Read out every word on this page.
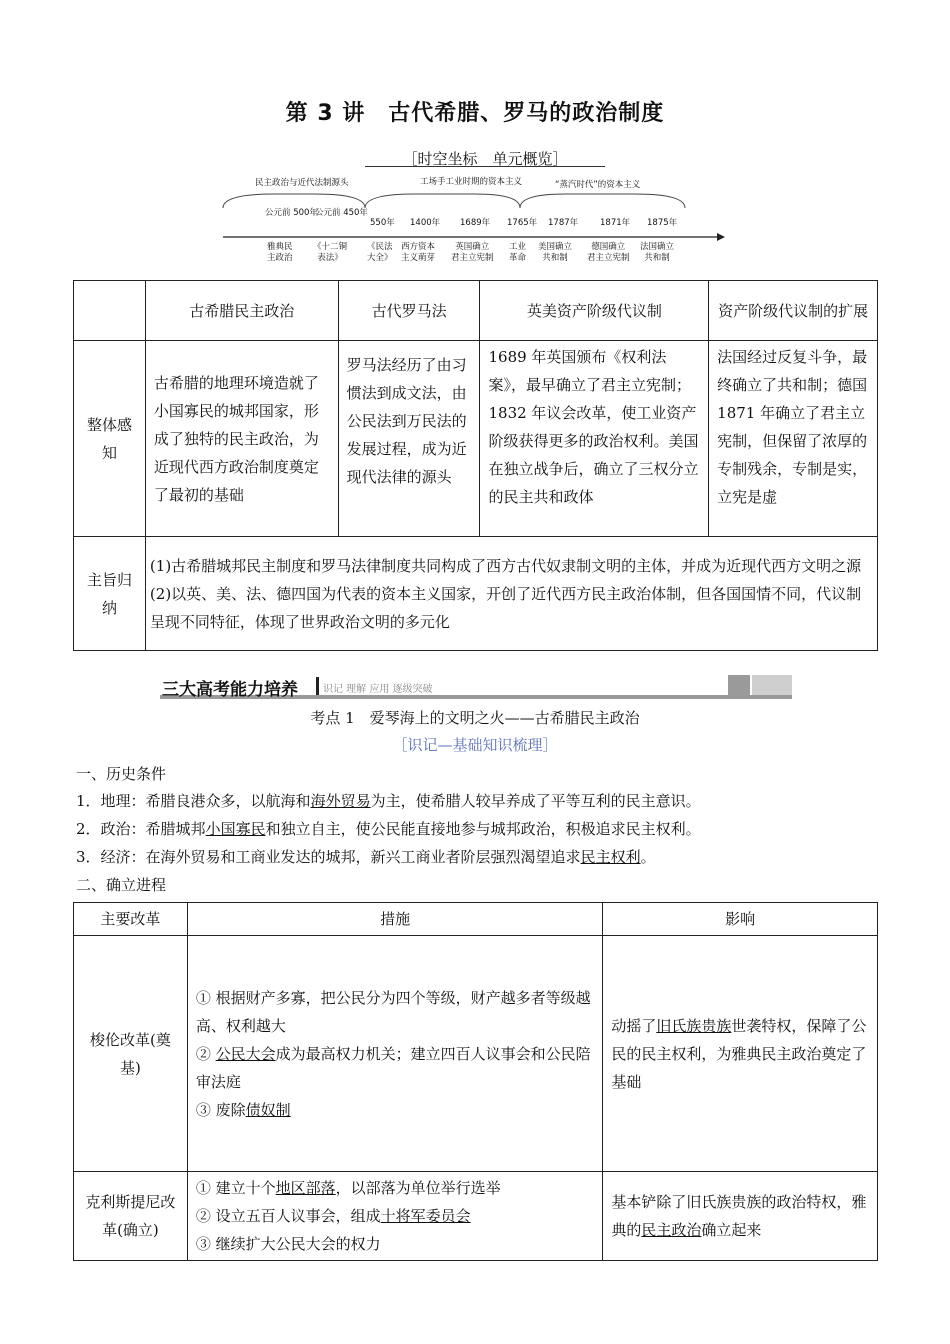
第 3 讲　古代希腊、罗马的政治制度
［时空坐标　单元概览］
民主政治与近代法制源头	工场手工业时期的资本主义	“蒸汽时代”的资本主义
公元前 500年
公元前 450年
550年 1400年 1689年 1765年 1787年	1871年 1875年
雅典民
主政治
《十二铜
表法》
《民法
大全》
西方资本
主义萌芽
英国确立
君主立宪制
工业
革命
美国确立
共和制
德国确立
君主立宪制
法国确立
共和制
	古希腊民主政治	古代罗马法	英美资产阶级代议制	资产阶级代议制的扩展
整体感知	古希腊的地理环境造就了小国寡民的城邦国家，形成了独特的民主政治，为近现代西方政治制度奠定了最初的基础	罗马法经历了由习惯法到成文法，由公民法到万民法的发展过程，成为近现代法律的源头	1689 年英国颁布《权利法案》，最早确立了君主立宪制；1832 年议会改革，使工业资产阶级获得更多的政治权利。美国在独立战争后，确立了三权分立的民主共和政体	法国经过反复斗争，最终确立了共和制；德国 1871 年确立了君主立宪制，但保留了浓厚的专制残余，专制是实，立宪是虚
主旨归纳	(1)古希腊城邦民主制度和罗马法律制度共同构成了西方古代奴隶制文明的主体，并成为近现代西方文明之源
(2)以英、美、法、德四国为代表的资本主义国家，开创了近代西方民主政治体制，但各国国情不同，代议制呈现不同特征，体现了世界政治文明的多元化			
三大高考能力培养	识记 理解 应用 逐级突破
考点 1　爱琴海上的文明之火——古希腊民主政治
［识记—基础知识梳理］
一、历史条件
1．地理：希腊良港众多，以航海和海外贸易为主，使希腊人较早养成了平等互利的民主意识。
2．政治：希腊城邦小国寡民和独立自主，使公民能直接地参与城邦政治，积极追求民主权利。
3．经济：在海外贸易和工商业发达的城邦，新兴工商业者阶层强烈渴望追求民主权利。
二、确立进程
主要改革	措施	影响
梭伦改革(奠基)	① 根据财产多寡，把公民分为四个等级，财产越多者等级越高、权利越大
② 公民大会成为最高权力机关；建立四百人议事会和公民陪审法庭
③ 废除债奴制	动摇了旧氏族贵族世袭特权，保障了公民的民主权利，为雅典民主政治奠定了基础
克利斯提尼改革(确立)	① 建立十个地区部落，以部落为单位举行选举
② 设立五百人议事会，组成十将军委员会
③ 继续扩大公民大会的权力	基本铲除了旧氏族贵族的政治特权，雅典的民主政治确立起来
